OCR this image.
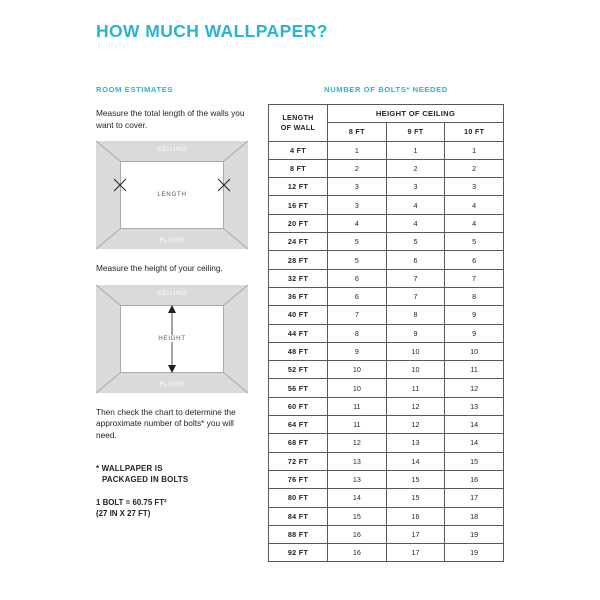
HOW MUCH WALLPAPER?
ROOM ESTIMATES
Measure the total length of the walls you want to cover.
CEILING
LENGTH
FLOOR
Measure the height of your ceiling.
CEILING
HEIGHT
FLOOR
Then check the chart to determine the approximate number of bolts* you will need.
* WALLPAPER IS
PACKAGED IN BOLTS
1 BOLT = 60.75 FT²
(27 IN X 27 FT)
NUMBER OF BOLTS* NEEDED
LENGTH
OF WALL	HEIGHT OF CEILING		
	8 FT	9 FT	10 FT
4 FT	1	1	1
8 FT	2	2	2
12 FT	3	3	3
16 FT	3	4	4
20 FT	4	4	4
24 FT	5	5	5
28 FT	5	6	6
32 FT	6	7	7
36 FT	6	7	8
40 FT	7	8	9
44 FT	8	9	9
48 FT	9	10	10
52 FT	10	10	11
56 FT	10	11	12
60 FT	11	12	13
64 FT	11	12	14
68 FT	12	13	14
72 FT	13	14	15
76 FT	13	15	16
80 FT	14	15	17
84 FT	15	16	18
88 FT	16	17	19
92 FT	16	17	19
